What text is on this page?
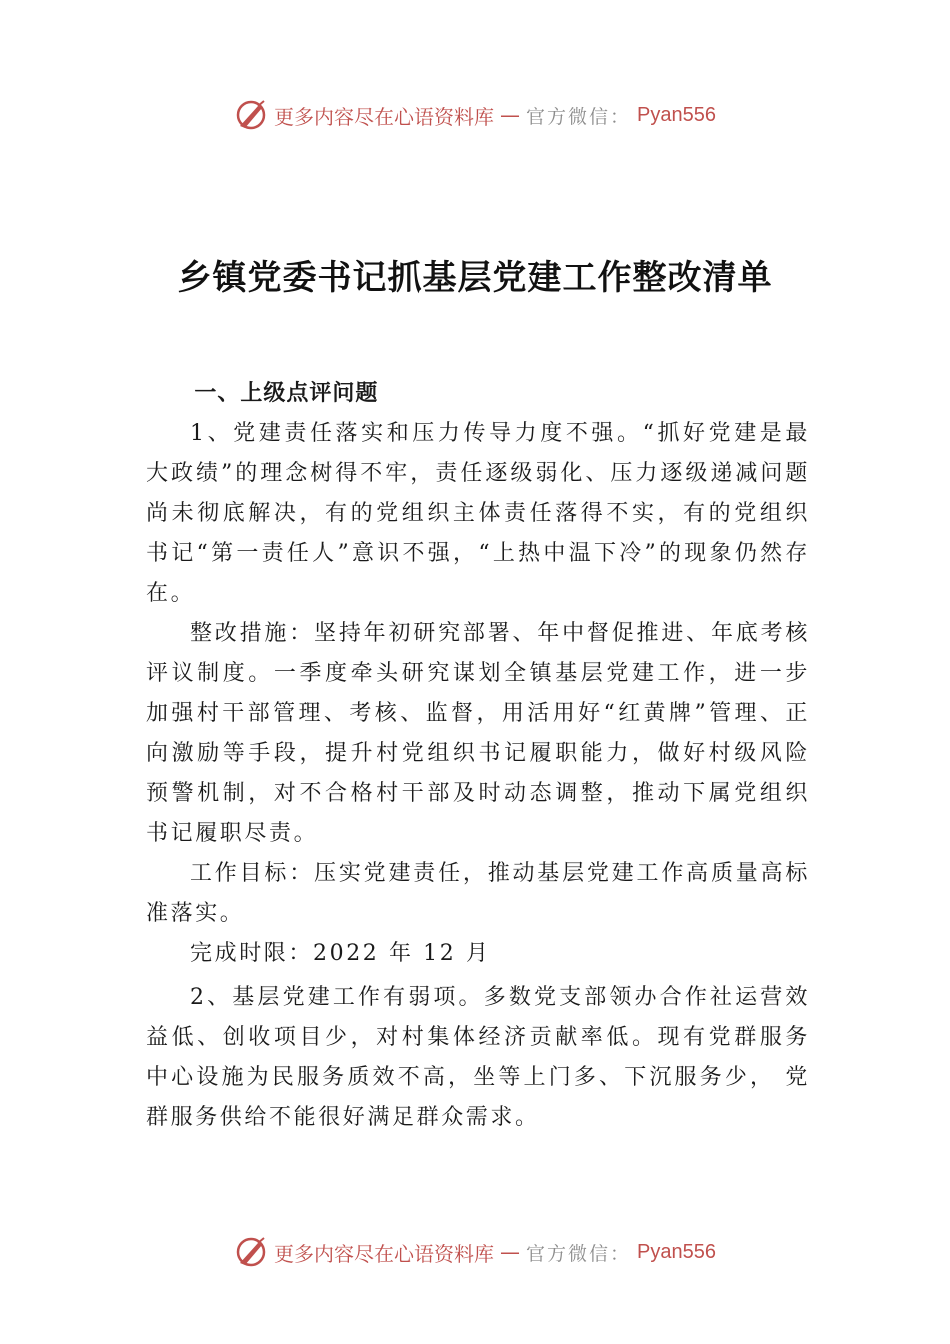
更多内容尽在心语资料库 — 官方微信： Pyan556
乡镇党委书记抓基层党建工作整改清单
一、上级点评问题

1、党建责任落实和压力传导力度不强。“抓好党建是最大政绩”的理念树得不牢，责任逐级弱化、压力逐级递减问题尚未彻底解决，有的党组织主体责任落得不实，有的党组织书记“第一责任人”意识不强，“上热中温下冷”的现象仍然存在。

整改措施：坚持年初研究部署、年中督促推进、年底考核评议制度。一季度牵头研究谋划全镇基层党建工作，进一步加强村干部管理、考核、监督，用活用好“红黄牌”管理、正向激励等手段，提升村党组织书记履职能力，做好村级风险预警机制，对不合格村干部及时动态调整，推动下属党组织书记履职尽责。

工作目标：压实党建责任，推动基层党建工作高质量高标准落实。

完成时限：2022 年 12 月

2、基层党建工作有弱项。多数党支部领办合作社运营效益低、创收项目少，对村集体经济贡献率低。现有党群服务中心设施为民服务质效不高，坐等上门多、下沉服务少， 党群服务供给不能很好满足群众需求。

更多内容尽在心语资料库 — 官方微信： Pyan556
